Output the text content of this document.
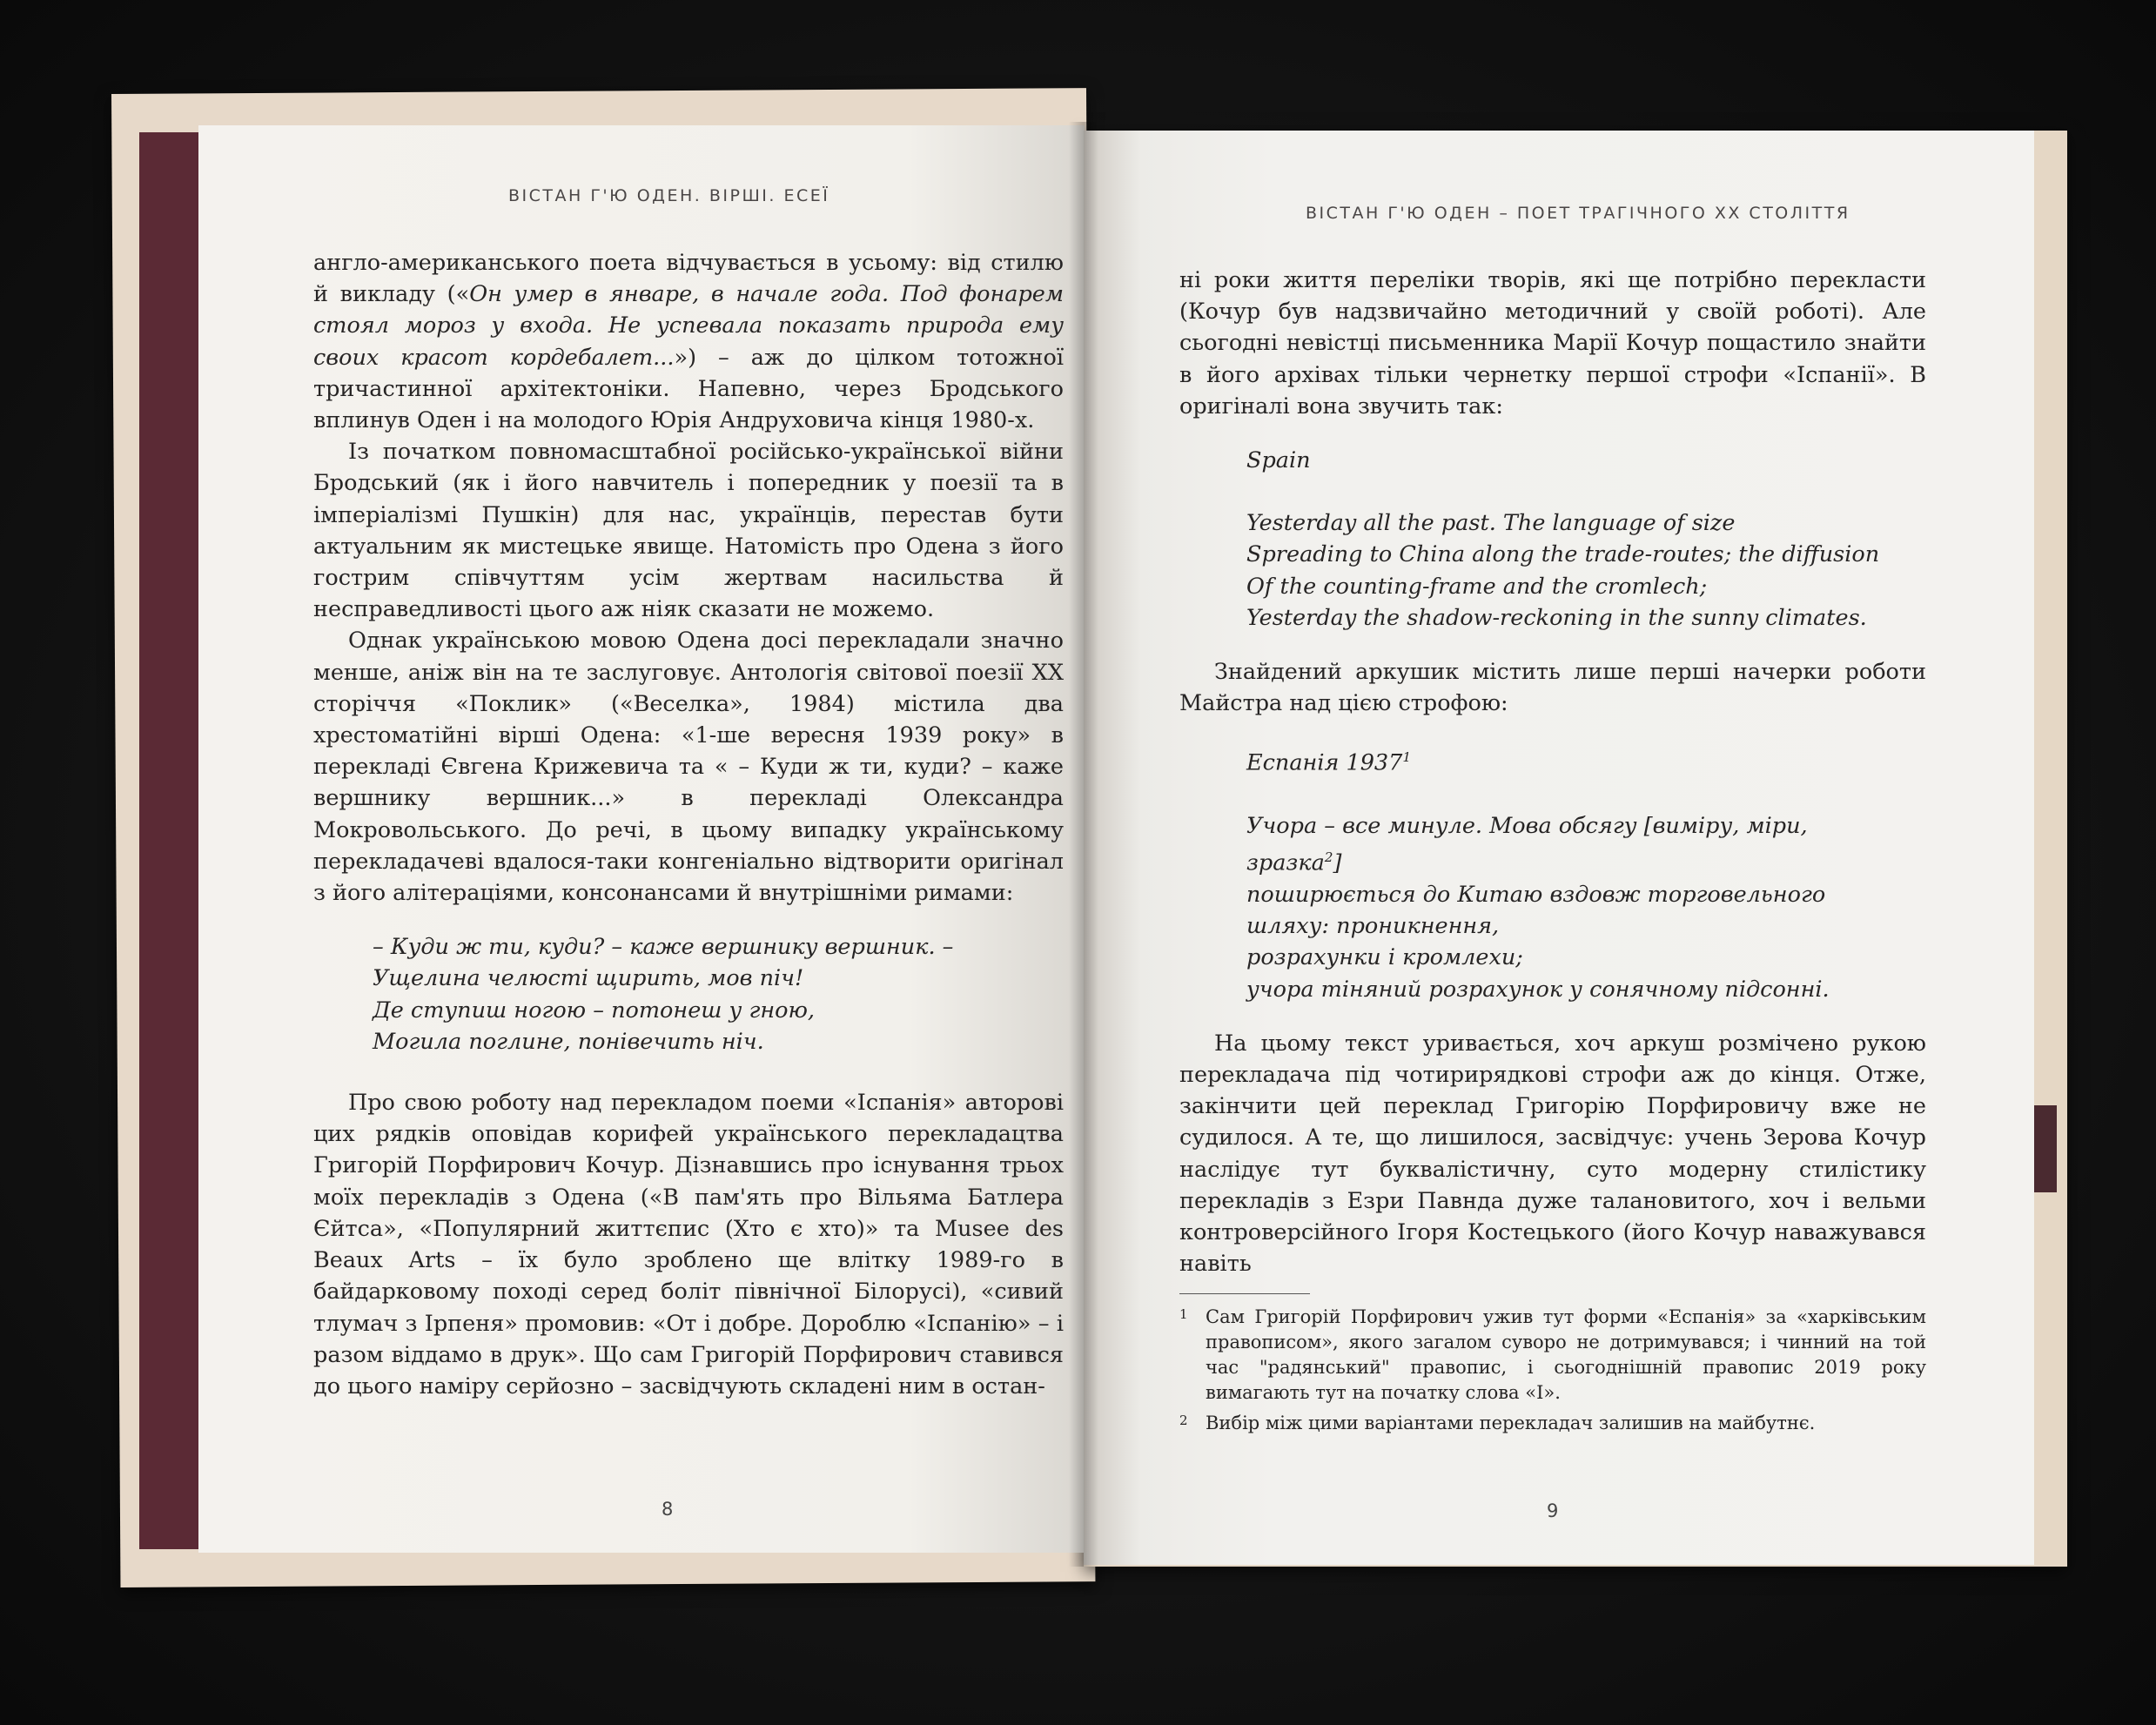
ВІСТАН Г'Ю ОДЕН. ВІРШІ. ЕСЕЇ

англо-американського поета відчувається в усьому: від стилю й викладу («Он умер в январе, в начале года. Под фонарем стоял мороз у входа. Не успевала показать природа ему своих красот кордебалет...») – аж до цілком тотожної тричастинної архітектоніки. Напевно, через Бродського вплинув Оден і на молодого Юрія Андруховича кінця 1980-х.

Із початком повномасштабної російсько-української війни Бродський (як і його навчитель і попередник у поезії та в імперіалізмі Пушкін) для нас, українців, перестав бути актуальним як мистецьке явище. Натомість про Одена з його гострим співчуттям усім жертвам насильства й несправедливості цього аж ніяк сказати не можемо.

Однак українською мовою Одена досі перекладали значно менше, аніж він на те заслуговує. Антологія світової поезії XX сторіччя «Поклик» («Веселка», 1984) містила два хрестоматійні вірші Одена: «1-ше вересня 1939 року» в перекладі Євгена Крижевича та « – Куди ж ти, куди? – каже вершнику вершник...» в перекладі Олександра Мокровольського. До речі, в цьому випадку українському перекладачеві вдалося-таки конгеніально відтворити оригінал з його алітераціями, консонансами й внутрішніми римами:

– Куди ж ти, куди? – каже вершнику вершник. –
Ущелина челюсті щирить, мов піч!
Де ступиш ногою – потонеш у гною,
Могила поглине, понівечить ніч.

Про свою роботу над перекладом поеми «Іспанія» авторові цих рядків оповідав корифей українського перекладацтва Григорій Порфирович Кочур. Дізнавшись про існування трьох моїх перекладів з Одена («В пам'ять про Вільяма Батлера Єйтса», «Популярний життєпис (Хто є хто)» та Musee des Beaux Arts – їх було зроблено ще влітку 1989-го в байдарковому поході серед боліт північної Білорусі), «сивий тлумач з Ірпеня» промовив: «От і добре. Дороблю «Іспанію» – і разом віддамо в друк». Що сам Григорій Порфирович ставився до цього наміру серйозно – засвідчують складені ним в остан-

8
ВІСТАН Г'Ю ОДЕН – ПОЕТ ТРАГІЧНОГО XX СТОЛІТТЯ

ні роки життя переліки творів, які ще потрібно перекласти (Кочур був надзвичайно методичний у своїй роботі). Але сьогодні невістці письменника Марії Кочур пощастило знайти в його архівах тільки чернетку першої строфи «Іспанії». В оригіналі вона звучить так:

Spain
Yesterday all the past. The language of size
Spreading to China along the trade-routes; the diffusion
Of the counting-frame and the cromlech;
Yesterday the shadow-reckoning in the sunny climates.

Знайдений аркушик містить лише перші начерки роботи Майстра над цією строфою:

Еспанія 1937$^1$
Учора – все минуле. Мова обсягу [виміру, міри,
зразка$^2$]
поширюється до Китаю вздовж торговельного
шляху: проникнення,
розрахунки і кромлехи;
учора тіняний розрахунок у сонячному підсонні.

На цьому текст уривається, хоч аркуш розмічено рукою перекладача під чотирирядкові строфи аж до кінця. Отже, закінчити цей переклад Григорію Порфировичу вже не судилося. А те, що лишилося, засвідчує: учень Зерова Кочур наслідує тут буквалістичну, суто модерну стилістику перекладів з Езри Павнда дуже талановитого, хоч і вельми контроверсійного Ігоря Костецького (його Кочур наважувався навіть

1 Сам Григорій Порфирович ужив тут форми «Еспанія» за «харківським правописом», якого загалом суворо не дотримувався; і чинний на той час "радянський" правопис, і сьогоднішній правопис 2019 року вимагають тут на початку слова «І».
2 Вибір між цими варіантами перекладач залишив на майбутнє.
9
